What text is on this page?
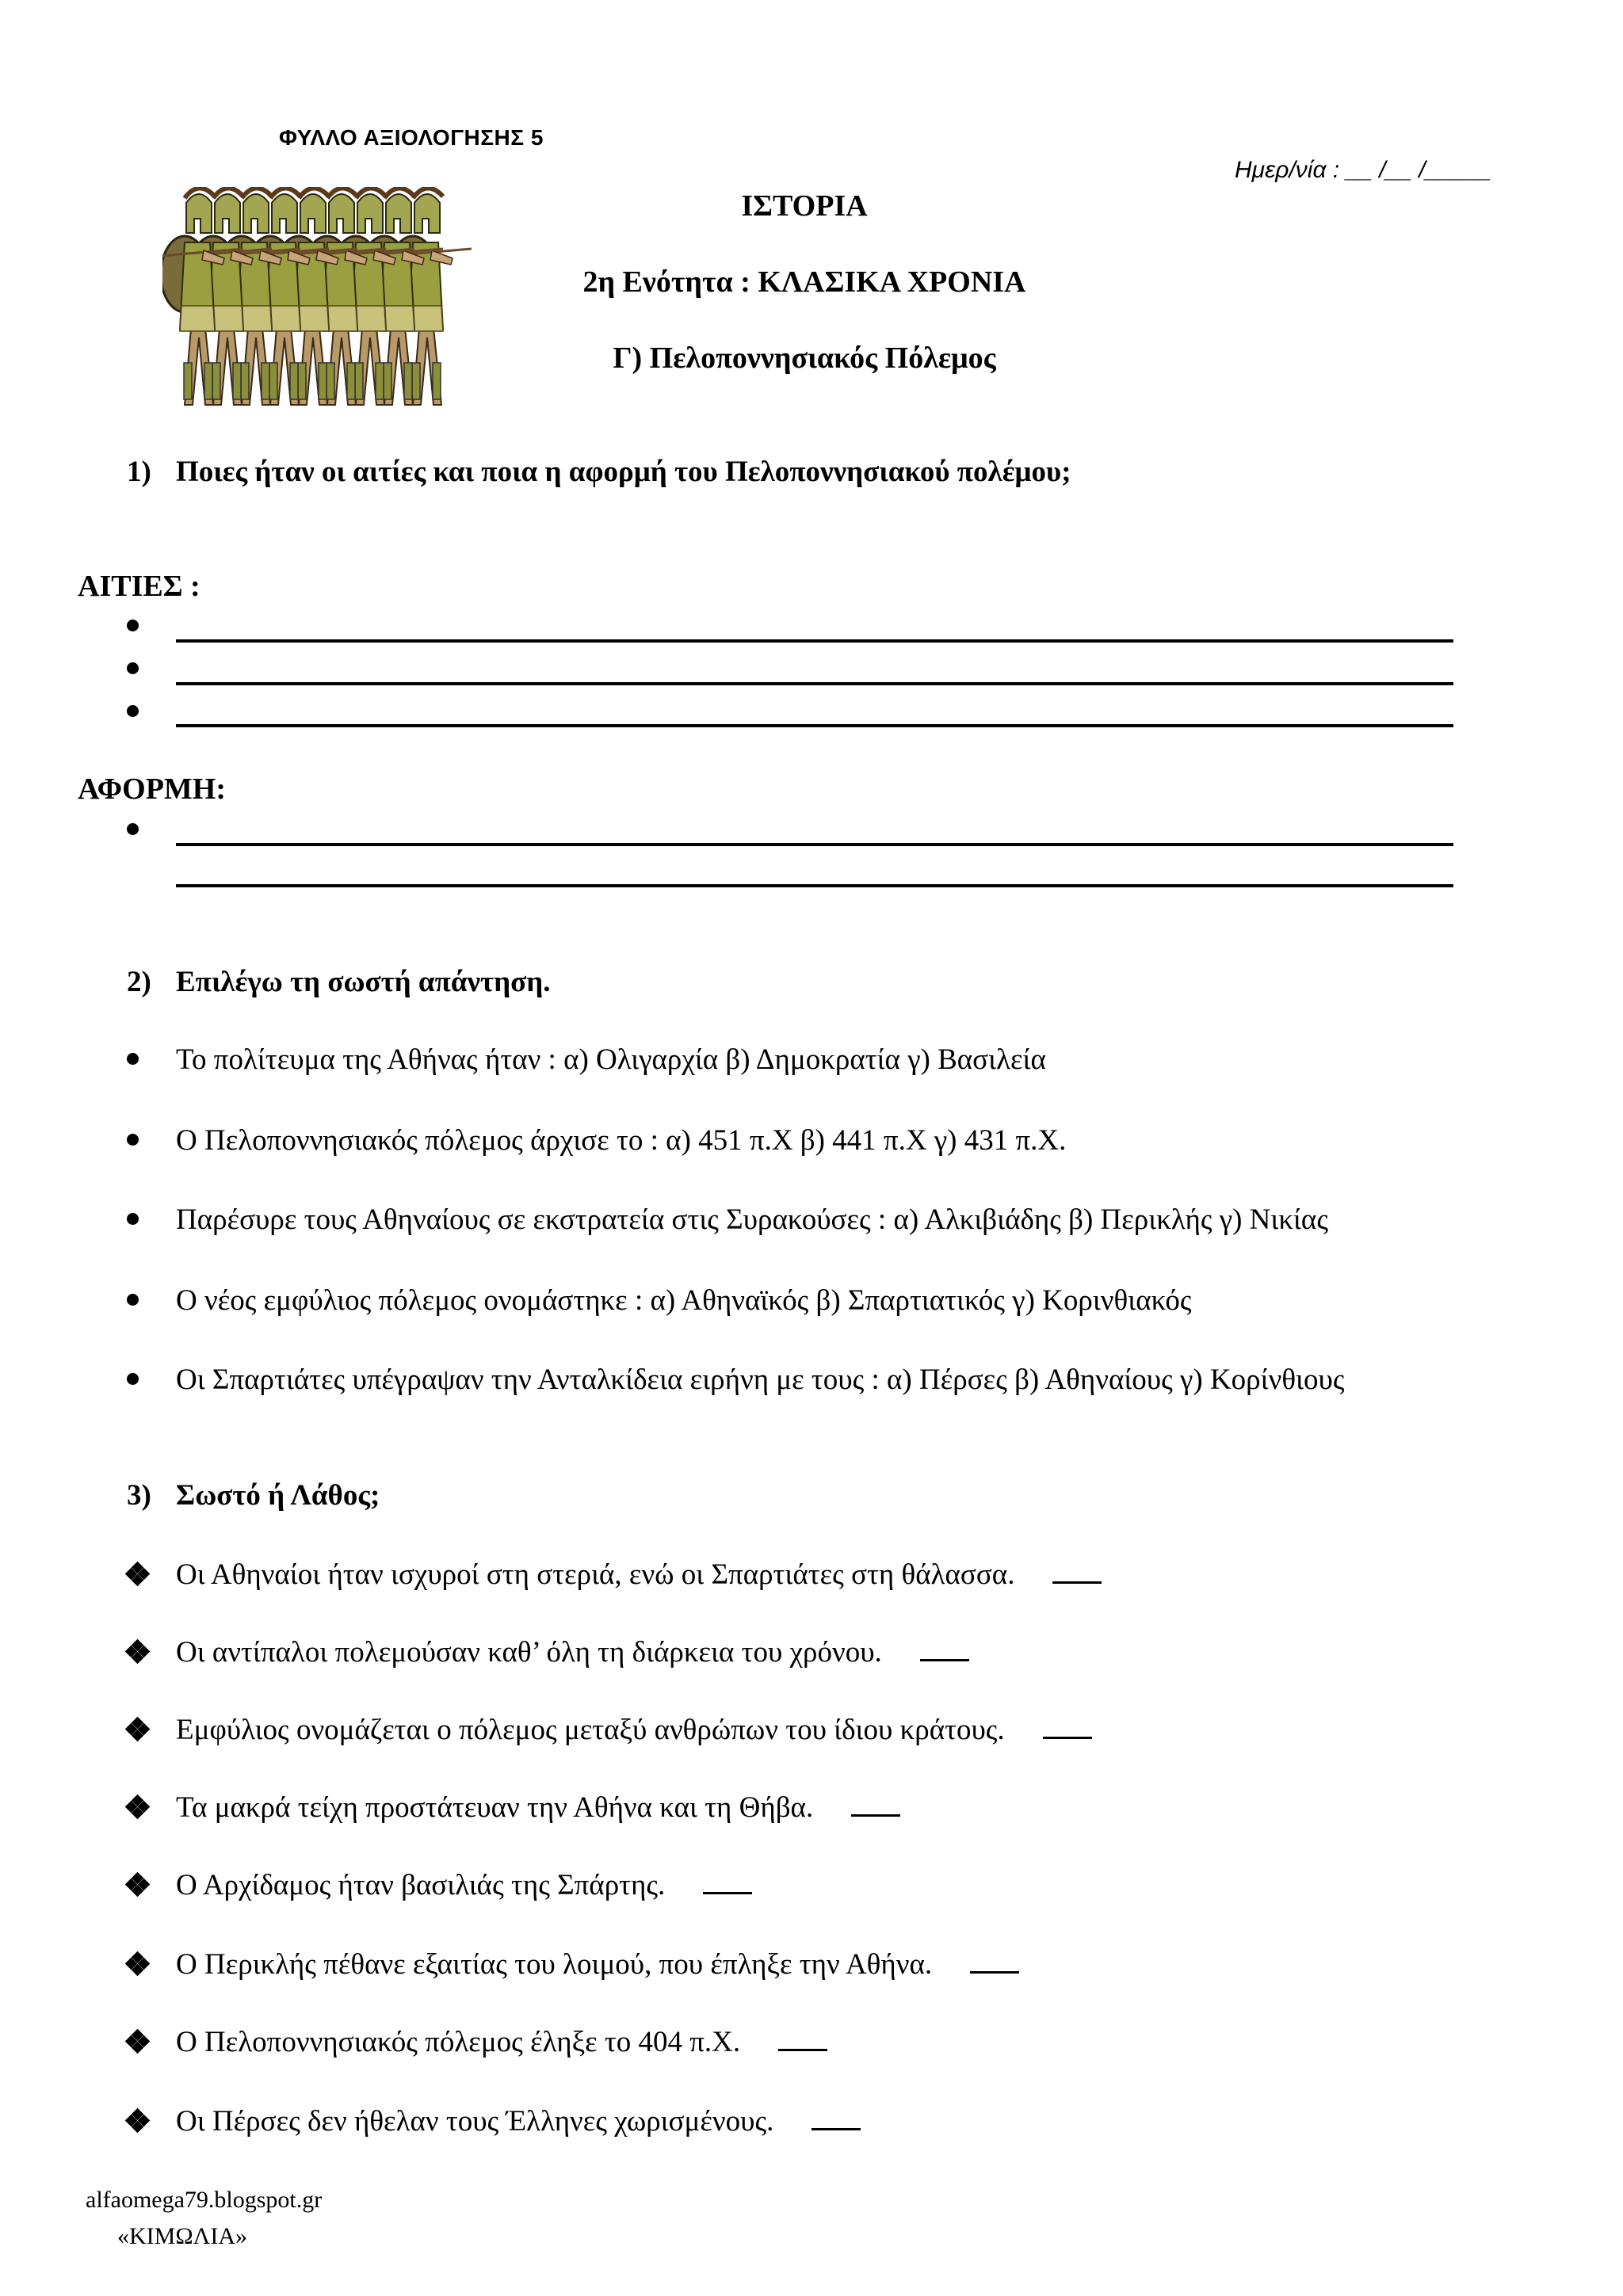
ΦΥΛΛΟ ΑΞΙΟΛΟΓΗΣΗΣ 5
Ημερ/νία : __ /__ /_____
ΙΣΤΟΡΙΑ
2η Ενότητα : ΚΛΑΣΙΚΑ ΧΡΟΝΙΑ
Γ) Πελοποννησιακός Πόλεμος
1) Ποιες ήταν οι αιτίες και ποια η αφορμή του Πελοποννησιακού πολέμου;
ΑΙΤΙΕΣ :
ΑΦΟΡΜΗ:
2) Επιλέγω τη σωστή απάντηση.
Το πολίτευμα της Αθήνας ήταν : α) Ολιγαρχία β) Δημοκρατία γ) Βασιλεία
Ο Πελοποννησιακός πόλεμος άρχισε το : α) 451 π.Χ β) 441 π.Χ γ) 431 π.Χ.
Παρέσυρε τους Αθηναίους σε εκστρατεία στις Συρακούσες : α) Αλκιβιάδης β) Περικλής γ) Νικίας
Ο νέος εμφύλιος πόλεμος ονομάστηκε : α) Αθηναϊκός β) Σπαρτιατικός γ) Κορινθιακός
Οι Σπαρτιάτες υπέγραψαν την Ανταλκίδεια ειρήνη με τους : α) Πέρσες β) Αθηναίους γ) Κορίνθιους
3) Σωστό ή Λάθος;
Οι Αθηναίοι ήταν ισχυροί στη στεριά, ενώ οι Σπαρτιάτες στη θάλασσα.
Οι αντίπαλοι πολεμούσαν καθ’ όλη τη διάρκεια του χρόνου.
Εμφύλιος ονομάζεται ο πόλεμος μεταξύ ανθρώπων του ίδιου κράτους.
Τα μακρά τείχη προστάτευαν την Αθήνα και τη Θήβα.
Ο Αρχίδαμος ήταν βασιλιάς της Σπάρτης.
Ο Περικλής πέθανε εξαιτίας του λοιμού, που έπληξε την Αθήνα.
Ο Πελοποννησιακός πόλεμος έληξε το 404 π.Χ.
Οι Πέρσες δεν ήθελαν τους Έλληνες χωρισμένους.
alfaomega79.blogspot.gr
«ΚΙΜΩΛΙΑ»
